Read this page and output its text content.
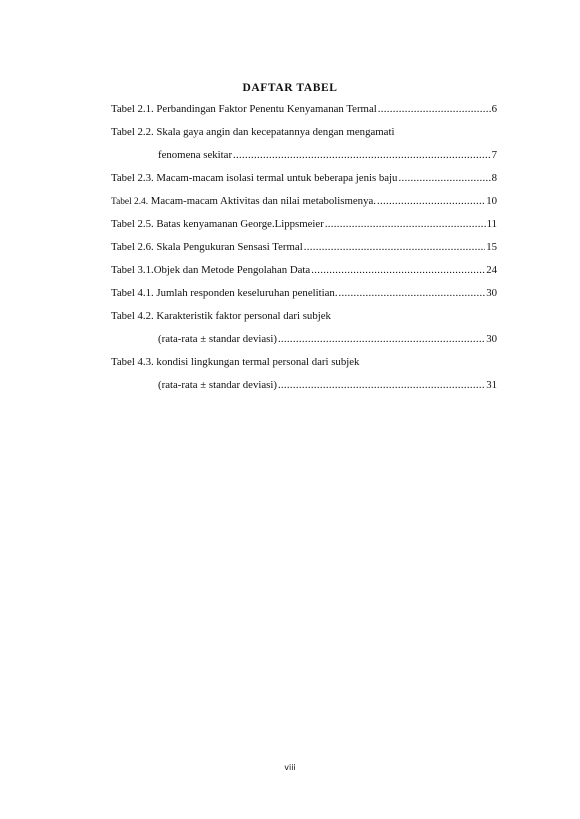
DAFTAR TABEL
Tabel 2.1. Perbandingan Faktor Penentu Kenyamanan Termal .....	6
Tabel 2.2. Skala gaya angin dan kecepatannya dengan mengamati
fenomena sekitar .....	7
Tabel 2.3. Macam-macam isolasi termal untuk beberapa jenis baju .....	8
Tabel 2.4. Macam-macam Aktivitas dan nilai metabolismenya. .....	10
Tabel 2.5. Batas kenyamanan George.Lippsmeier .....	11
Tabel 2.6. Skala Pengukuran Sensasi Termal .....	15
Tabel 3.1.Objek dan Metode Pengolahan Data .....	24
Tabel 4.1. Jumlah responden keseluruhan penelitian. .....	30
Tabel 4.2. Karakteristik faktor personal dari subjek
(rata-rata ± standar deviasi) .....	30
Tabel 4.3. kondisi lingkungan termal personal dari subjek
(rata-rata ± standar deviasi) .....	31
viii
